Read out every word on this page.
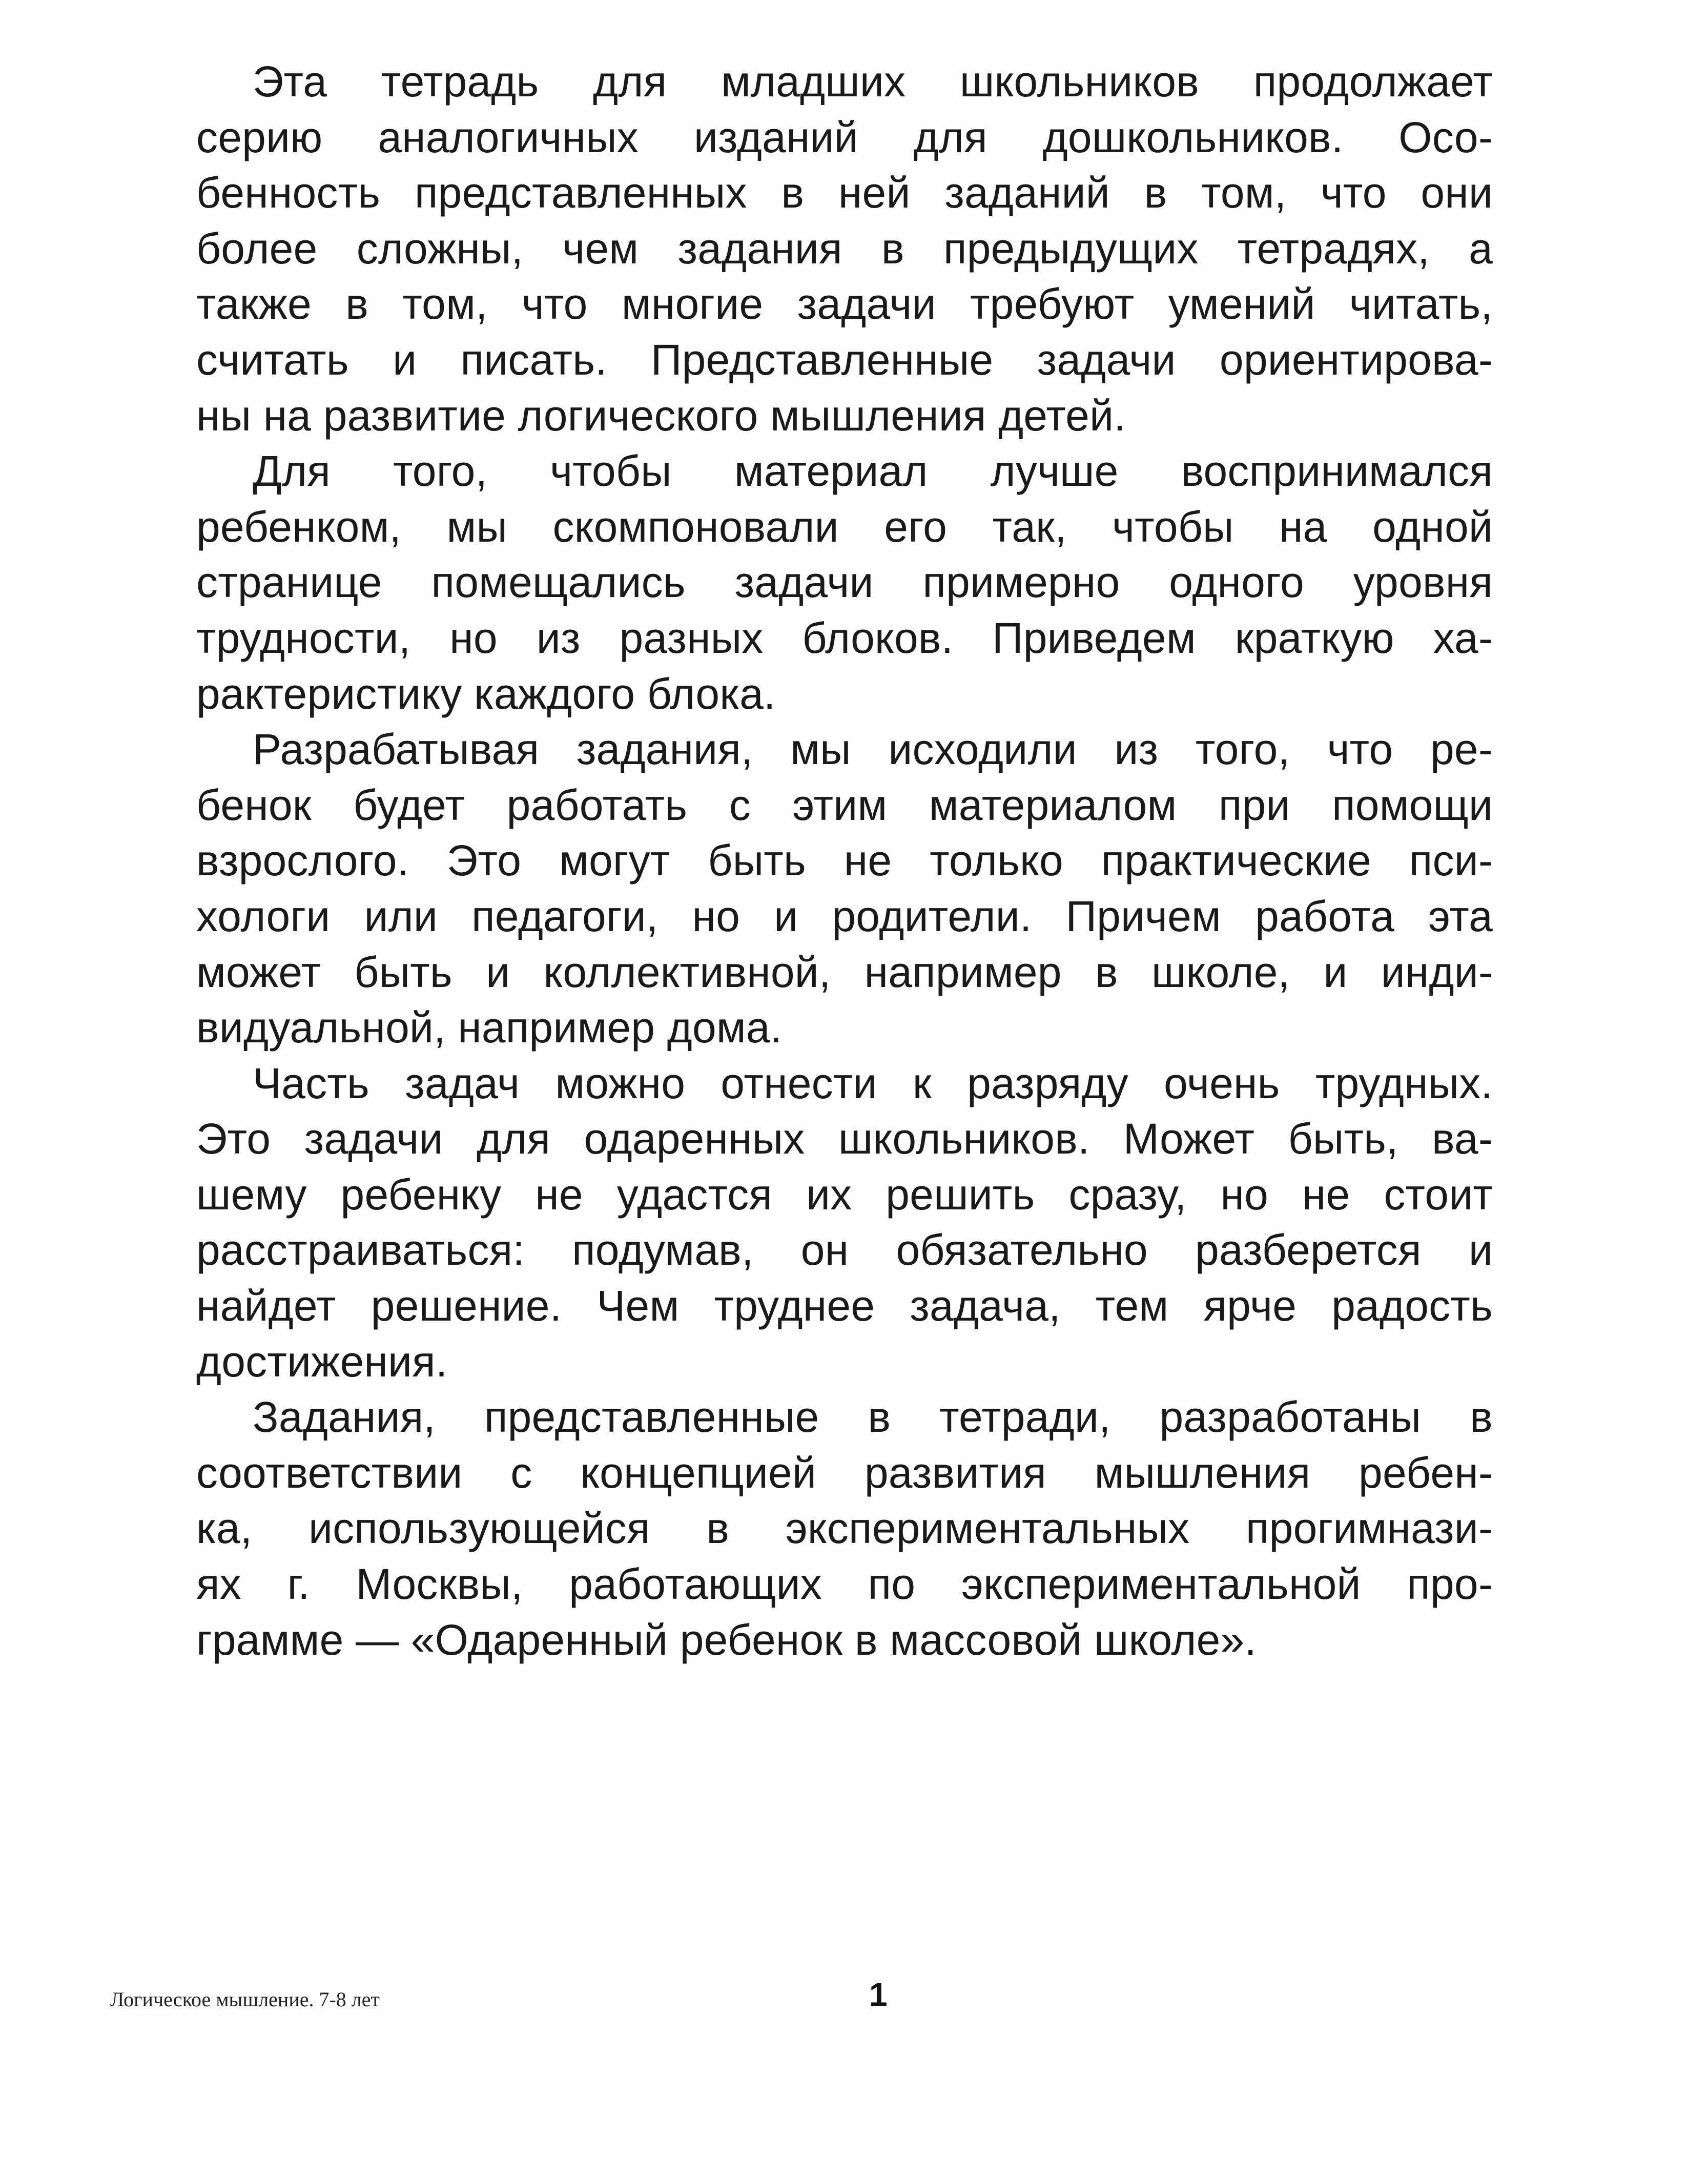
Эта тетрадь для младших школьников продолжает
серию аналогичных изданий для дошкольников. Осо-
бенность представленных в ней заданий в том, что они
более сложны, чем задания в предыдущих тетрадях, а
также в том, что многие задачи требуют умений читать,
считать и писать. Представленные задачи ориентирова-
ны на развитие логического мышления детей.
Для того, чтобы материал лучше воспринимался
ребенком, мы скомпоновали его так, чтобы на одной
странице помещались задачи примерно одного уровня
трудности, но из разных блоков. Приведем краткую ха-
рактеристику каждого блока.
Разрабатывая задания, мы исходили из того, что ре-
бенок будет работать с этим материалом при помощи
взрослого. Это могут быть не только практические пси-
хологи или педагоги, но и родители. Причем работа эта
может быть и коллективной, например в школе, и инди-
видуальной, например дома.
Часть задач можно отнести к разряду очень трудных.
Это задачи для одаренных школьников. Может быть, ва-
шему ребенку не удастся их решить сразу, но не стоит
расстраиваться: подумав, он обязательно разберется и
найдет решение. Чем труднее задача, тем ярче радость
достижения.
Задания, представленные в тетради, разработаны в
соответствии с концепцией развития мышления ребен-
ка, использующейся в экспериментальных прогимнази-
ях г. Москвы, работающих по экспериментальной про-
грамме — «Одаренный ребенок в массовой школе».
Логическое мышление. 7-8 лет	1
